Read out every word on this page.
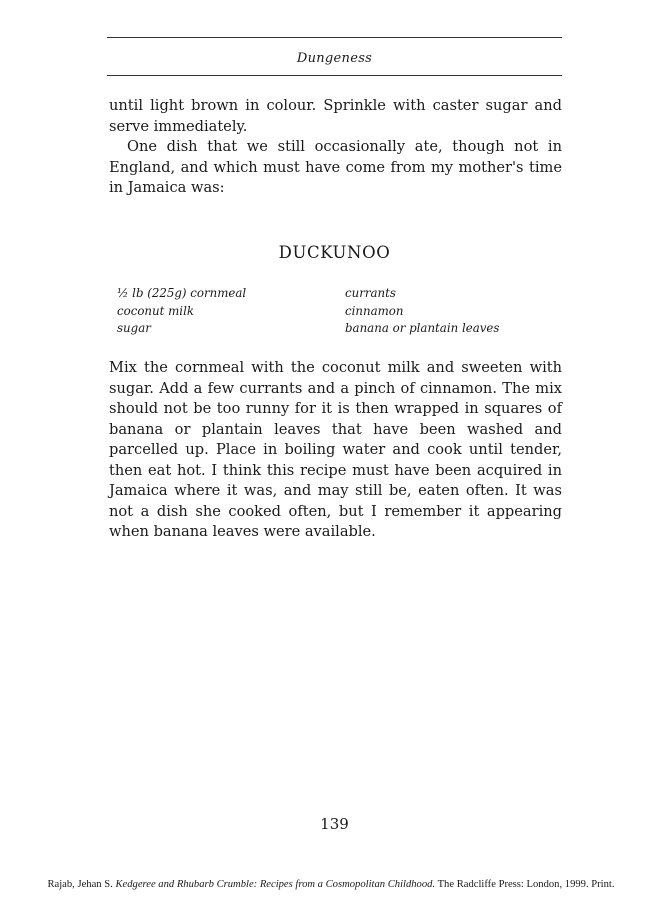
Dungeness

until light brown in colour. Sprinkle with caster sugar and serve immediately.

One dish that we still occasionally ate, though not in England, and which must have come from my mother's time in Jamaica was:

DUCKUNOO
½ lb (225g) cornmeal
coconut milk
sugar
currants
cinnamon
banana or plantain leaves

Mix the cornmeal with the coconut milk and sweeten with sugar. Add a few currants and a pinch of cinnamon. The mix should not be too runny for it is then wrapped in squares of banana or plantain leaves that have been washed and parcelled up. Place in boiling water and cook until tender, then eat hot. I think this recipe must have been acquired in Jamaica where it was, and may still be, eaten often. It was not a dish she cooked often, but I remember it appearing when banana leaves were available.

139
Rajab, Jehan S. Kedgeree and Rhubarb Crumble: Recipes from a Cosmopolitan Childhood. The Radcliffe Press: London, 1999. Print.
